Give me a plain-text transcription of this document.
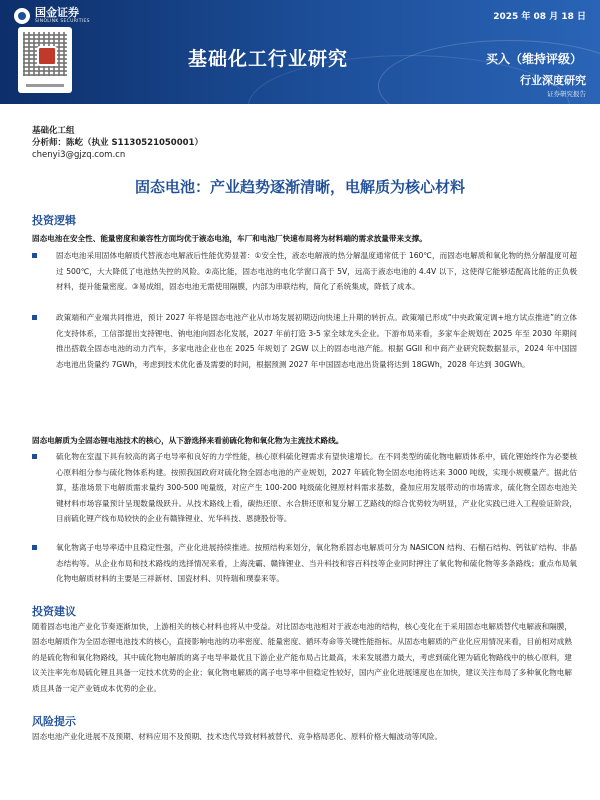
国金证券
SINOLINK SECURITIES	2025 年 08 月 18 日
基础化工行业研究	买入（维持评级）
行业深度研究
证券研究报告
基础化工组
分析师：陈屹（执业 S1130521050001）
chenyi3@gjzq.com.cn
固态电池：产业趋势逐渐清晰，电解质为核心材料
投资逻辑
固态电池在安全性、能量密度和兼容性方面均优于液态电池，车厂和电池厂快速布局将为材料端的需求放量带来支撑。
固态电池采用固体电解质代替液态电解液后性能优势显著：①安全性，液态电解液的热分解温度通常低于 160℃，而固态电解质和氧化物的热分解温度可超过 500℃，大大降低了电池热失控的风险。②高比能，固态电池的电化学窗口高于 5V，远高于液态电池的 4.4V 以下，这使得它能够适配高比能的正负极材料，提升能量密度。③易成组，固态电池无需使用隔膜，内部为串联结构，简化了系统集成，降低了成本。
政策端和产业端共同推进，预计 2027 年将是固态电池产业从市场发展初期迈向快速上升期的转折点。政策端已形成“中央政策定调+地方试点推进”的立体化支持体系，工信部提出支持锂电、钠电池向固态化发展，2027 年前打造 3-5 家全球龙头企业。下游布局来看，多家车企规划在 2025 年至 2030 年期间推出搭载全固态电池的动力汽车，多家电池企业也在 2025 年规划了 2GW 以上的固态电池产能。根据 GGII 和中商产业研究院数据显示，2024 年中国固态电池出货量约 7GWh，考虑到技术优化番及需要的时间，根据预测 2027 年中国固态电池出货量将达到 18GWh，2028 年达到 30GWh。
固态电解质为全固态锂电池技术的核心，从下游选择来看前硫化物和氧化物为主流技术路线。
硫化物在室温下具有较高的离子电导率和良好的力学性能，核心原料硫化锂需求有望快速增长。在不同类型的硫化物电解质体系中，硫化锂始终作为必要核心原料组分参与硫化物体系构建。按照我国政府对硫化物全固态电池的产业规划，2027 年硫化物全固态电池将达来 3000 吨级，实现小规模量产。据此估算，基准场景下电解质需求量约 300-500 吨量级，对应产生 100-200 吨级硫化锂原材料需求基数，叠加应用发展带动的市场需求，硫化物全固态电池关键材料市场容量预计呈现数量级跃升。从技术路线上看，碳热还原、水合肼还原和复分解工艺路线的综合优势较为明显，产业化实践已进入工程验证阶段，目前硫化锂产线布局较快的企业有赣锋锂业、光华科技、恩捷股份等。
氧化物离子电导率适中且稳定性强，产业化进展持续推进。按照结构来划分，氧化物系固态电解质可分为 NASICON 结构、石榴石结构、钙钛矿结构、非晶态结构等。从企业布局和技术路线的选择情况来看，上海洗霸、赣锋锂业、当升科技和容百科技等企业同时押注了氧化物和硫化物等多条路线；重点布局氧化物电解质材料的主要是三祥新材、国瓷材料、贝特瑞和璞泰来等。
投资建议
随着固态电池产业化节奏逐渐加快，上游相关的核心材料也将从中受益。对比固态电池相对于液态电池的结构，核心变化在于采用固态电解质替代电解液和隔膜，固态电解质作为全固态锂电池技术的核心，直接影响电池的功率密度、能量密度、循环寿命等关键性能指标。从固态电解质的产业化应用情况来看，目前相对成熟的是硫化物和氧化物路线，其中硫化物电解质的离子电导率最优且下游企业产能布局占比最高，未来发展潜力最大，考虑到硫化锂为硫化物路线中的核心原料，建议关注率先布局硫化锂且具备一定技术优势的企业；氧化物电解质的离子电导率中但稳定性较好，国内产业化进展速度也在加快，建议关注布局了多种氧化物电解质且具备一定产业链成本优势的企业。
风险提示
固态电池产业化进展不及预期、材料应用不及预期、技术迭代导致材料被替代、竞争格局恶化、原料价格大幅波动等风险。
